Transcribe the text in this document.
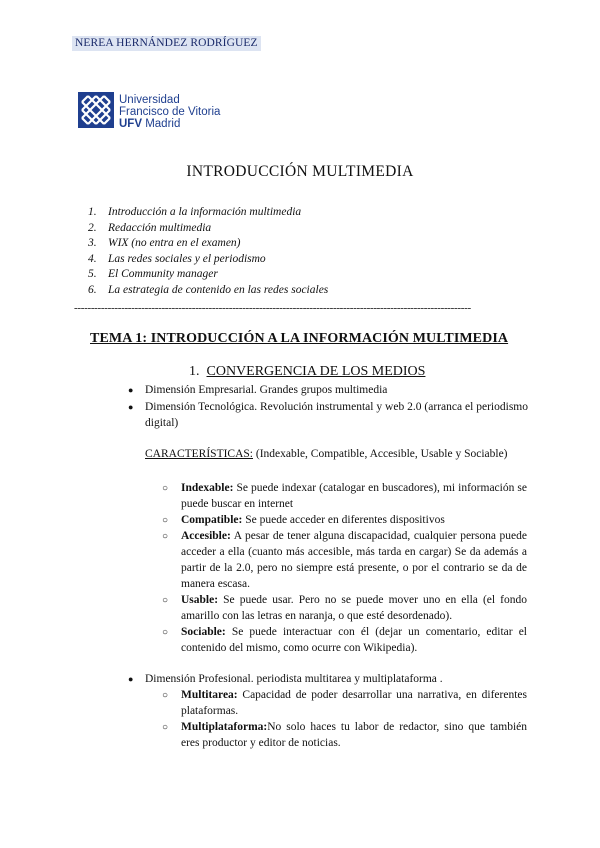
NEREA HERNÁNDEZ RODRÍGUEZ
Universidad
Francisco de Vitoria
UFV Madrid
INTRODUCCIÓN MULTIMEDIA
1. Introducción a la información multimedia
2. Redacción multimedia
3. WIX (no entra en el examen)
4. Las redes sociales y el periodismo
5. El Community manager
6. La estrategia de contenido en las redes sociales
----------------------------------------------------------------------------------------------------------------------
TEMA 1: INTRODUCCIÓN A LA INFORMACIÓN MULTIMEDIA
1. CONVERGENCIA DE LOS MEDIOS
● Dimensión Empresarial. Grandes grupos multimedia
● Dimensión Tecnológica. Revolución instrumental y web 2.0 (arranca el periodismo digital)
CARACTERÍSTICAS: (Indexable, Compatible, Accesible, Usable y Sociable)
○ Indexable: Se puede indexar (catalogar en buscadores), mi información se puede buscar en internet
○ Compatible: Se puede acceder en diferentes dispositivos
○ Accesible: A pesar de tener alguna discapacidad, cualquier persona puede acceder a ella (cuanto más accesible, más tarda en cargar) Se da además a partir de la 2.0, pero no siempre está presente, o por el contrario se da de manera escasa.
○ Usable: Se puede usar. Pero no se puede mover uno en ella (el fondo amarillo con las letras en naranja, o que esté desordenado).
○ Sociable: Se puede interactuar con él (dejar un comentario, editar el contenido del mismo, como ocurre con Wikipedia).
● Dimensión Profesional. periodista multitarea y multiplataforma .
○ Multitarea: Capacidad de poder desarrollar una narrativa, en diferentes plataformas.
○ Multiplataforma:No solo haces tu labor de redactor, sino que también eres productor y editor de noticias.
